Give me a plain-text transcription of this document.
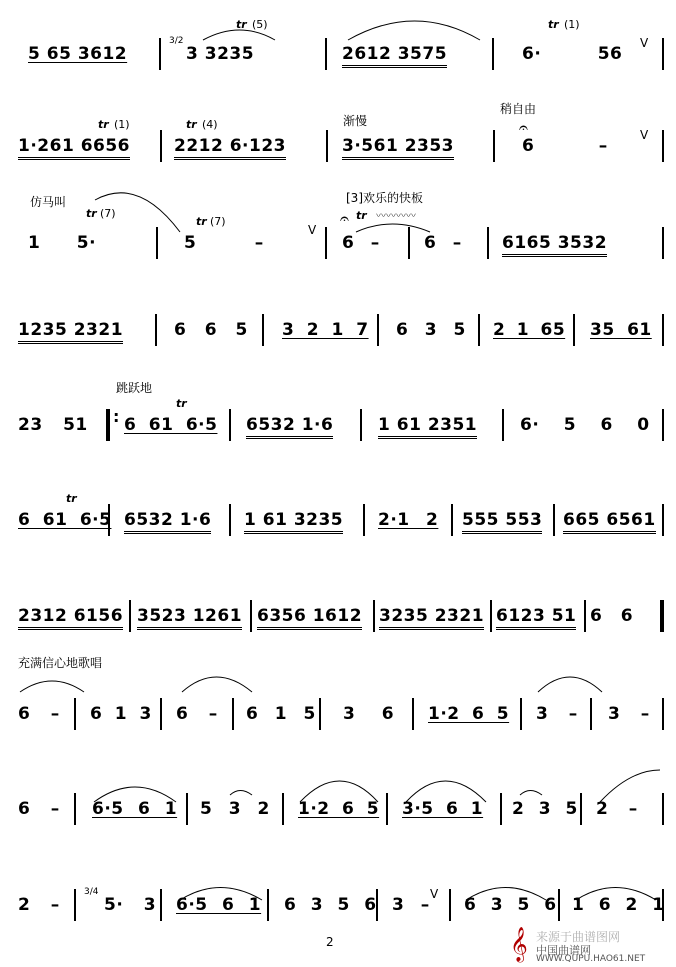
5 65 3612
3/2
tr (5)
3 3235	2612 3575
tr (1)
6· 56
V
tr (1)
1·261 6656
tr (4)
2212 6·123
渐慢
3·561 2353
稍自由
𝄐
6 –
V
仿马叫
tr (7)
1 5·
tr (7)
5 –
V
[3]欢乐的快板
𝄐 tr 〰〰〰〰
6 –	6 – 6165 3532
1235 2321	6 6 5 3 2 1 7 6 3 5 2 1 65 35 61
跳跃地
tr
23 51 : 6 61 6·5 6532 1·6	1 61 2351	6· 5 6 0
tr
6 61 6·5 6532 1·6 1 61 3235 2·1 2 555 553 665 6561
2312 6156 3523 1261 6356 1612 3235 2321 6123 51 6 6
充满信心地歌唱
6 – 6 1 3 6 – 6 1 5 3 6 1·2 6 5 3 – 3 –
6 – 6·5 6 1 5 3 2 1·2 6 5 3·5 6 1 2 3 5 2 –
2 –
3/4
5· 3 6·5 6 1 6 3 5 6 3 –
V
6 3 5 6 1 6 2 1
2	𝄞 来源于曲谱图网
中国曲谱网
WWW.QUPU.HAO61.NET
